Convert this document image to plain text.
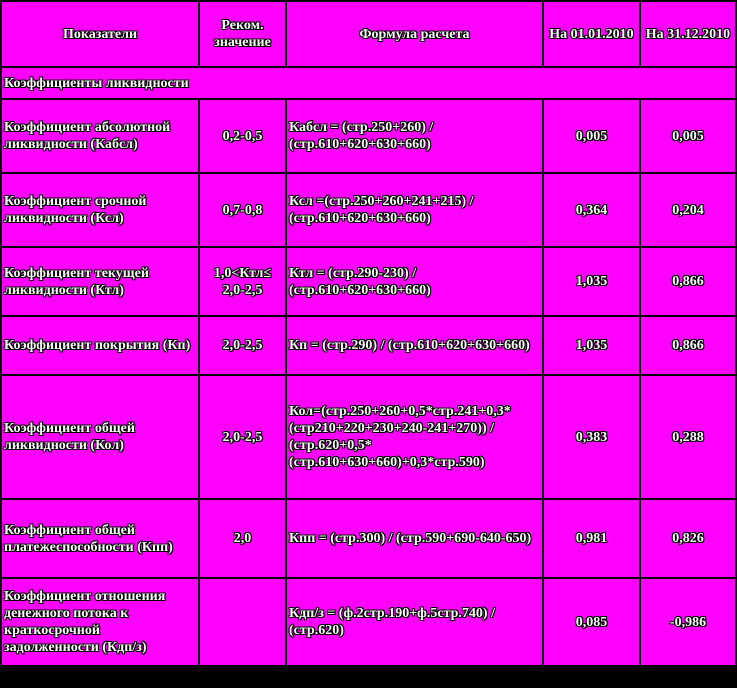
Показатели	Реком. значение	Формула расчета	На 01.01.2010	На 31.12.2010
Коэффициенты ликвидности				
Коэффициент абсолютной ликвидности (Кабсл)	0,2-0,5	Кабсл = (стр.250+260) / (стр.610+620+630+660)	0,005	0,005
Коэффициент срочной ликвидности (Ксл)	0,7-0,8	Ксл =(стр.250+260+241+215) / (стр.610+620+630+660)	0,364	0,204
Коэффициент текущей ликвидности (Ктл)	1,0<Ктл≤ 2,0-2,5	Ктл = (стр.290-230) / (стр.610+620+630+660)	1,035	0,866
Коэффициент покрытия (Кп)	2,0-2,5	Кп = (стр.290) / (стр.610+620+630+660)	1,035	0,866
Коэффициент общей ликвидности (Кол)	2,0-2,5	Кол=(стр.250+260+0,5*стр.241+0,3*(стр210+220+230+240-241+270)) / (стр.620+0,5*(стр.610+630+660)+0,3*стр.590)	0,383	0,288
Коэффициент общей платежеспособности (Кпп)	2,0	Кпп = (стр.300) / (стр.590+690-640-650)	0,981	0,826
Коэффициент отношения денежного потока к краткосрочной задолженности (Кдп/з)		Кдп/з = (ф.2стр.190+ф.5стр.740) / (стр.620)	0,085	-0,986
